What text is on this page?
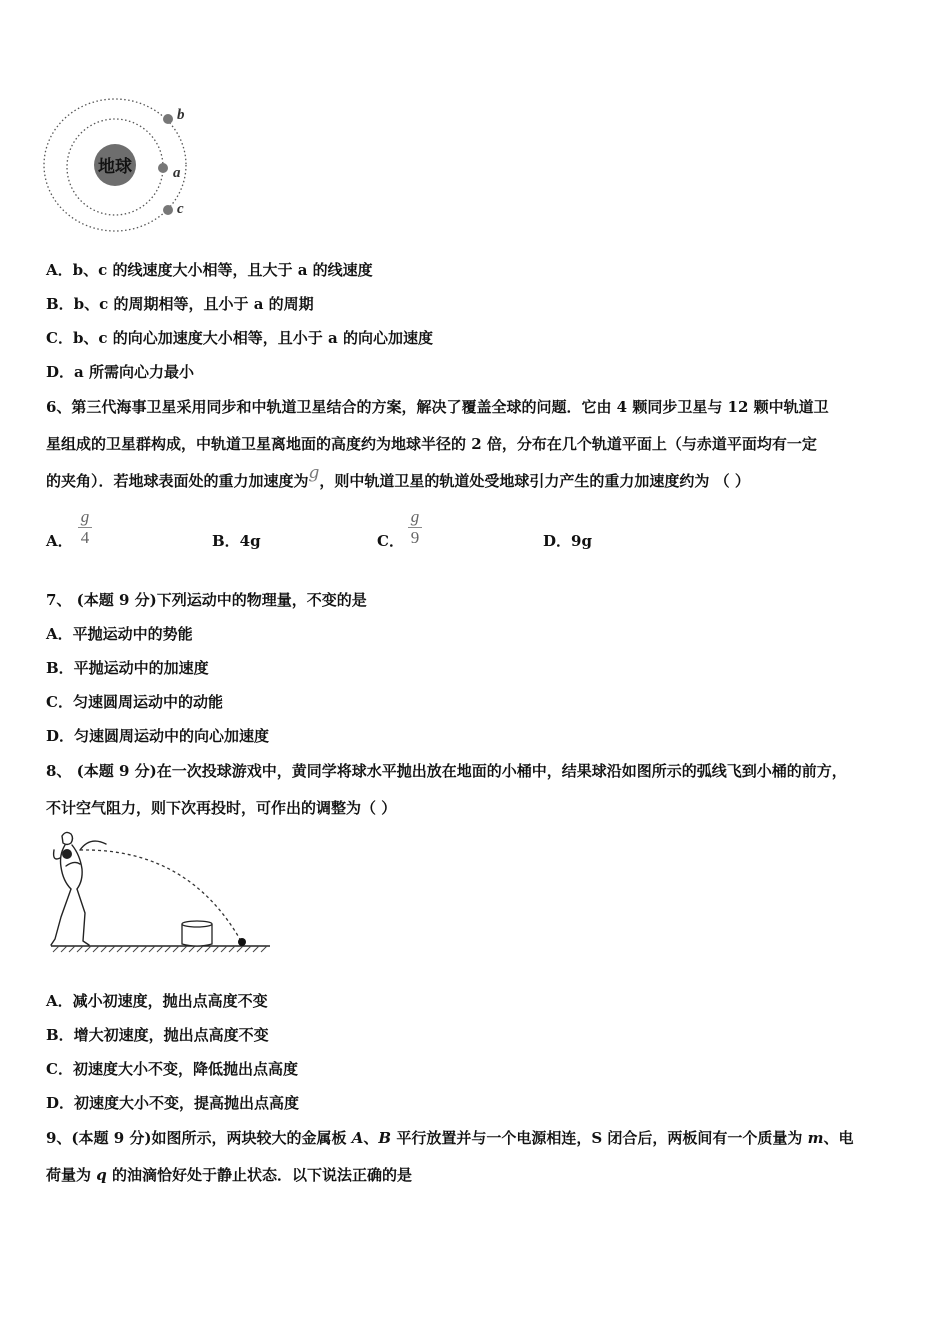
地球
b
a
c
A．b、c 的线速度大小相等，且大于 a 的线速度
B．b、c 的周期相等，且小于 a 的周期
C．b、c 的向心加速度大小相等，且小于 a 的向心加速度
D．a 所需向心力最小
6、第三代海事卫星采用同步和中轨道卫星结合的方案，解决了覆盖全球的问题．它由 4 颗同步卫星与 12 颗中轨道卫
星组成的卫星群构成，中轨道卫星离地面的高度约为地球半径的 2 倍，分布在几个轨道平面上（与赤道平面均有一定
的夹角）．若地球表面处的重力加速度为g，则中轨道卫星的轨道处受地球引力产生的重力加速度约为 （ ）
A．
g
4	B．4g	C．
g
9	D．9g
7、 (本题 9 分)下列运动中的物理量，不变的是
A．平抛运动中的势能
B．平抛运动中的加速度
C．匀速圆周运动中的动能
D．匀速圆周运动中的向心加速度
8、 (本题 9 分)在一次投球游戏中，黄同学将球水平抛出放在地面的小桶中，结果球沿如图所示的弧线飞到小桶的前方，
不计空气阻力，则下次再投时，可作出的调整为（ ）
A．减小初速度，抛出点高度不变
B．增大初速度，抛出点高度不变
C．初速度大小不变，降低抛出点高度
D．初速度大小不变，提高抛出点高度
9、(本题 9 分)如图所示，两块较大的金属板 A、B 平行放置并与一个电源相连，S 闭合后，两板间有一个质量为 m、电
荷量为 q 的油滴恰好处于静止状态．以下说法正确的是
